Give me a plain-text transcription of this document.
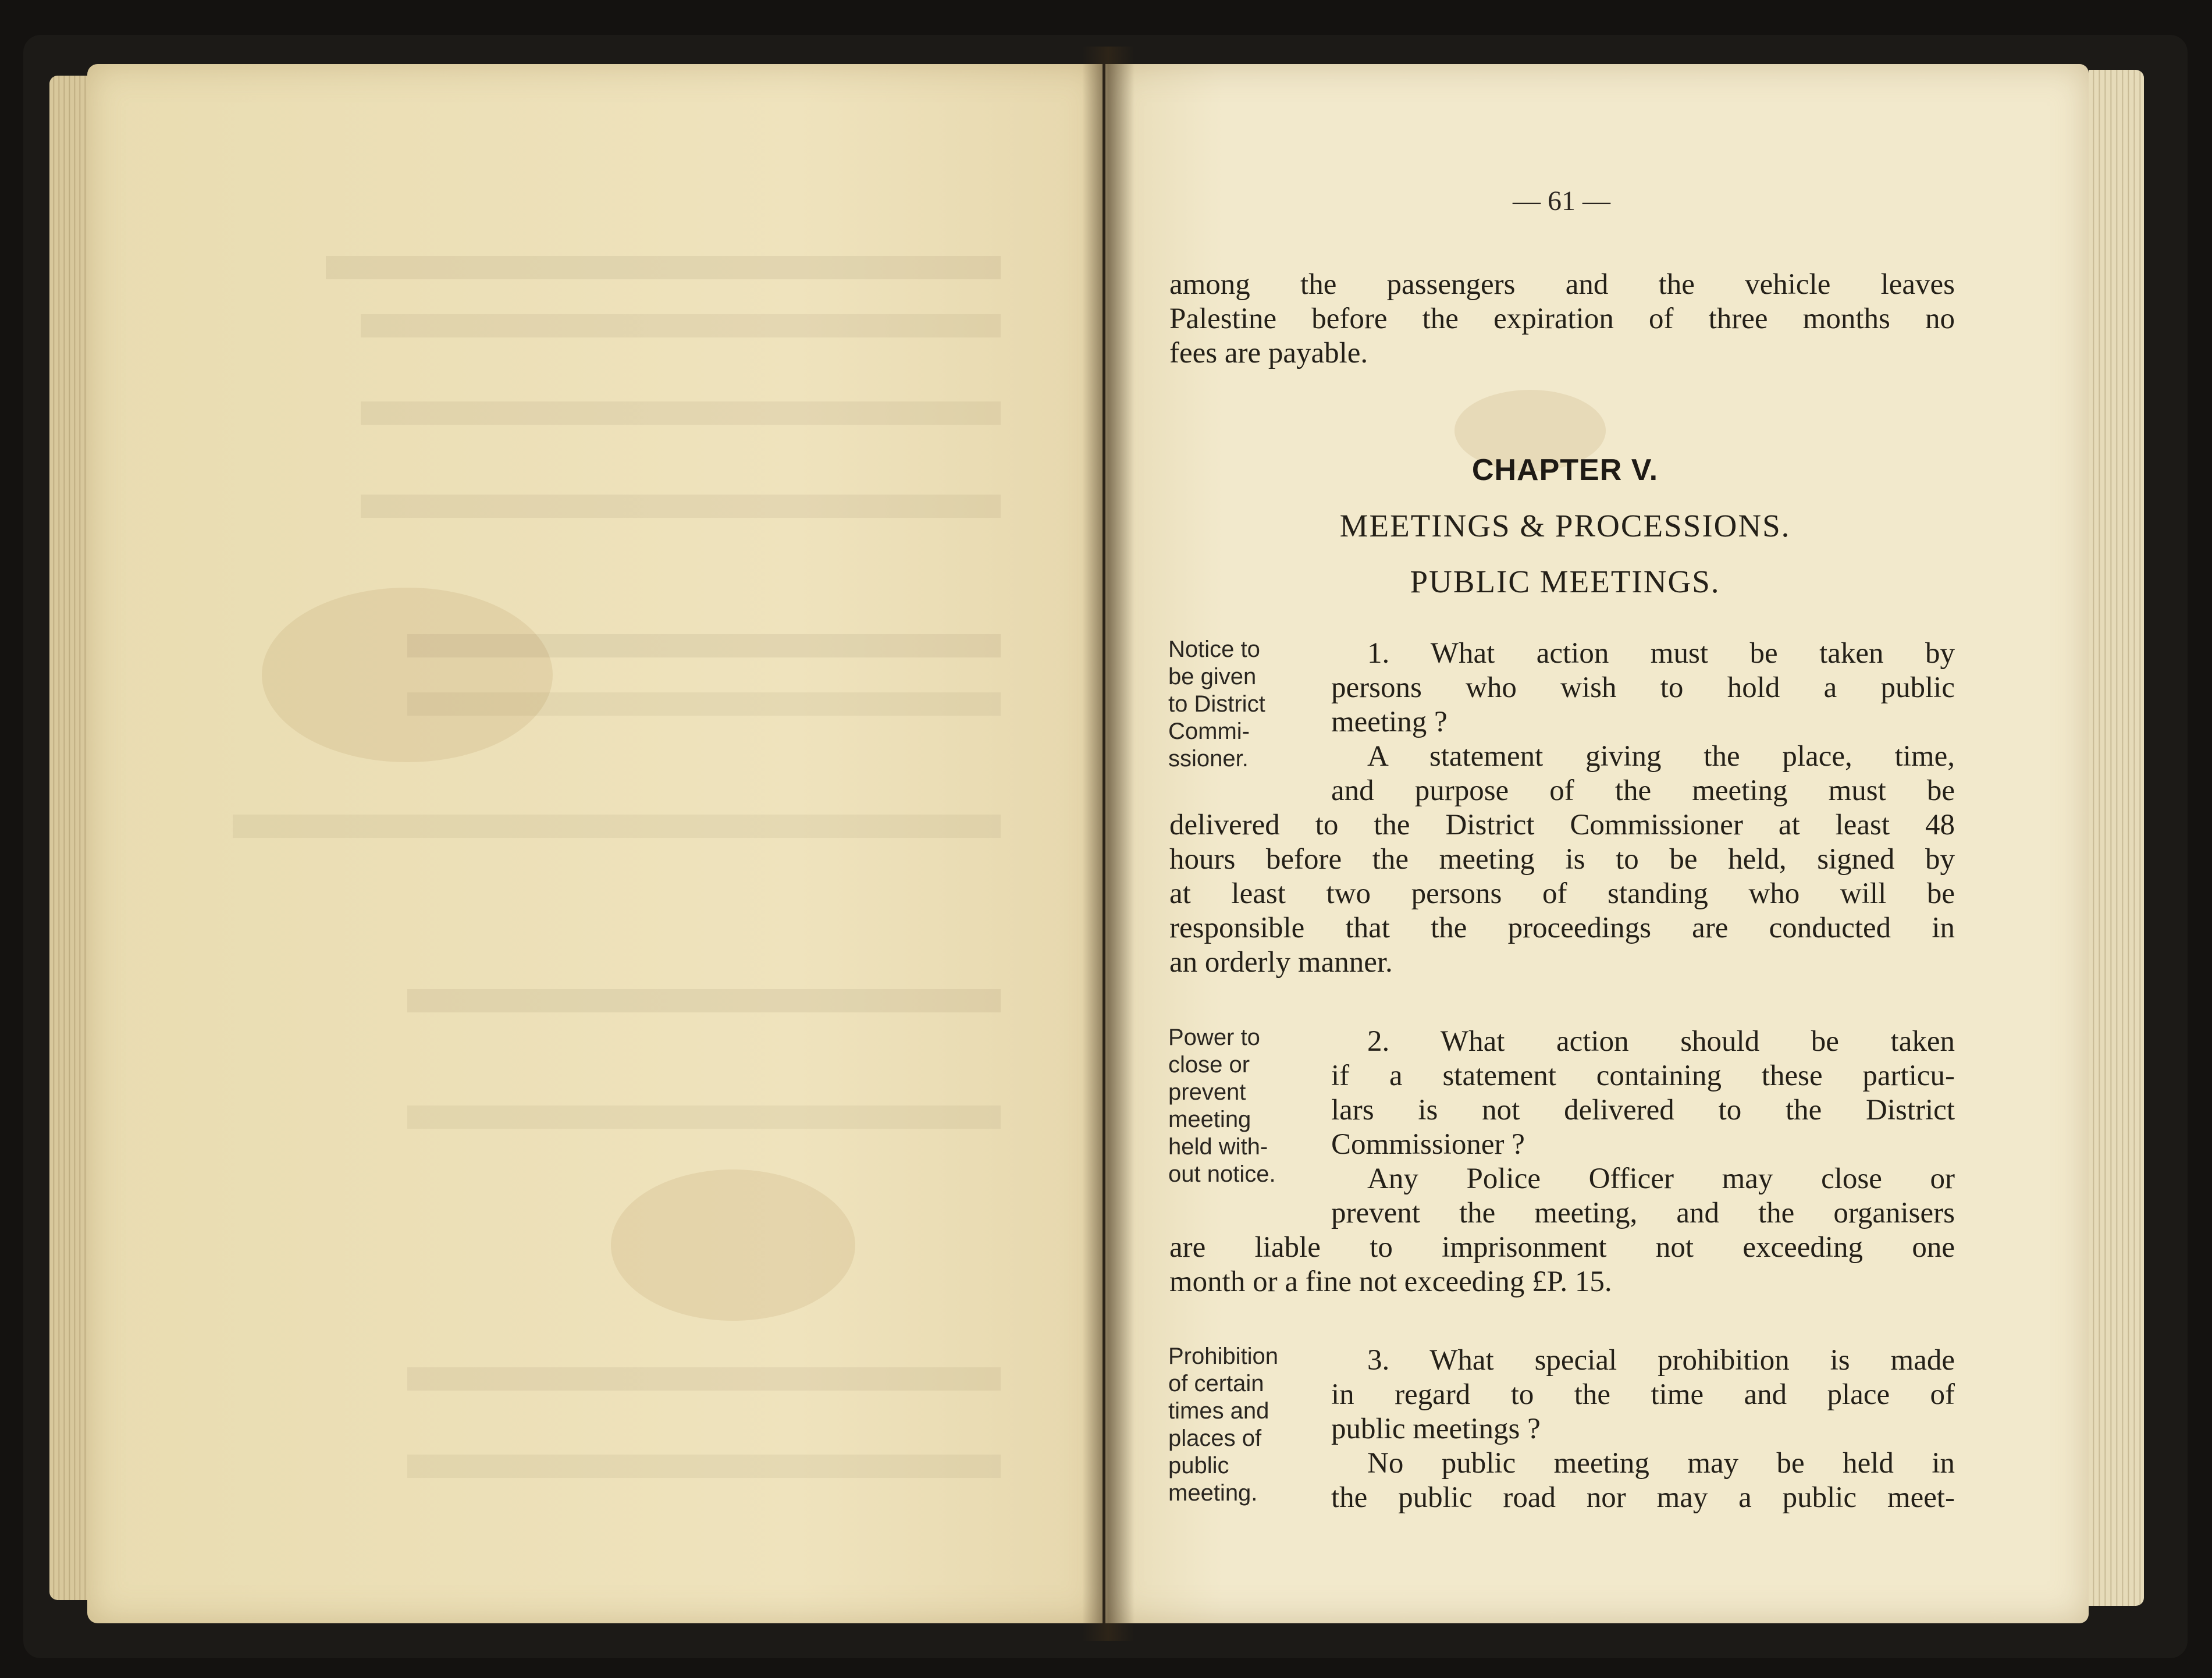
— 61 —

among the passengers and the vehicle leaves

Palestine before the expiration of three months no

fees are payable.

CHAPTER V.
MEETINGS & PROCESSIONS.
PUBLIC MEETINGS.
Notice to
be given
to District
Commi-
ssioner.

1. What action must be taken by

persons who wish to hold a public

meeting ?

A statement giving the place, time,

and purpose of the meeting must be

delivered to the District Commissioner at least 48

hours before the meeting is to be held, signed by

at least two persons of standing who will be

responsible that the proceedings are conducted in

an orderly manner.

Power to
close or
prevent
meeting
held with-
out notice.

2. What action should be taken

if a statement containing these particu-

lars is not delivered to the District

Commissioner ?

Any Police Officer may close or

prevent the meeting, and the organisers

are liable to imprisonment not exceeding one

month or a fine not exceeding £P. 15.

Prohibition
of certain
times and
places of
public
meeting.

3. What special prohibition is made

in regard to the time and place of

public meetings ?

No public meeting may be held in

the public road nor may a public meet-
